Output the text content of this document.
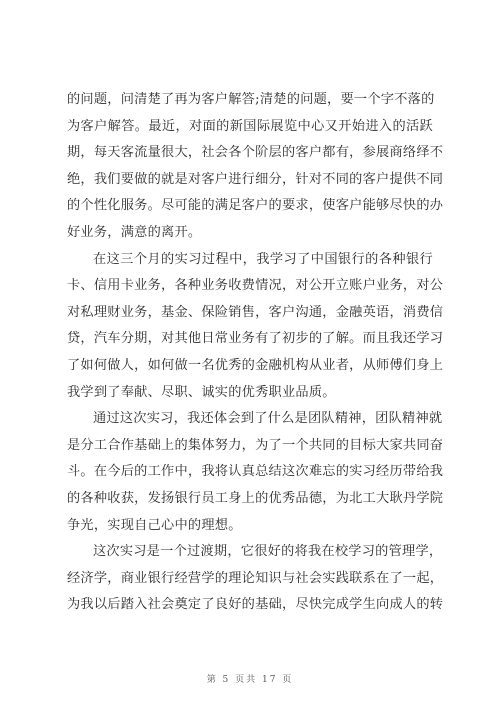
的问题，问清楚了再为客户解答;清楚的问题，要一个字不落的
为客户解答。最近，对面的新国际展览中心又开始进入的活跃
期，每天客流量很大，社会各个阶层的客户都有，参展商络绎不
绝，我们要做的就是对客户进行细分，针对不同的客户提供不同
的个性化服务。尽可能的满足客户的要求，使客户能够尽快的办
好业务，满意的离开。
在这三个月的实习过程中，我学习了中国银行的各种银行
卡、信用卡业务，各种业务收费情况，对公开立账户业务，对公
对私理财业务，基金、保险销售，客户沟通，金融英语，消费信
贷，汽车分期，对其他日常业务有了初步的了解。而且我还学习
了如何做人，如何做一名优秀的金融机构从业者，从师傅们身上
我学到了奉献、尽职、诚实的优秀职业品质。
通过这次实习，我还体会到了什么是团队精神，团队精神就
是分工合作基础上的集体努力，为了一个共同的目标大家共同奋
斗。在今后的工作中，我将认真总结这次难忘的实习经历带给我
的各种收获，发扬银行员工身上的优秀品德，为北工大耿丹学院
争光，实现自己心中的理想。
这次实习是一个过渡期，它很好的将我在校学习的管理学，
经济学，商业银行经营学的理论知识与社会实践联系在了一起，
为我以后踏入社会奠定了良好的基础，尽快完成学生向成人的转
第 5 页共 17 页
